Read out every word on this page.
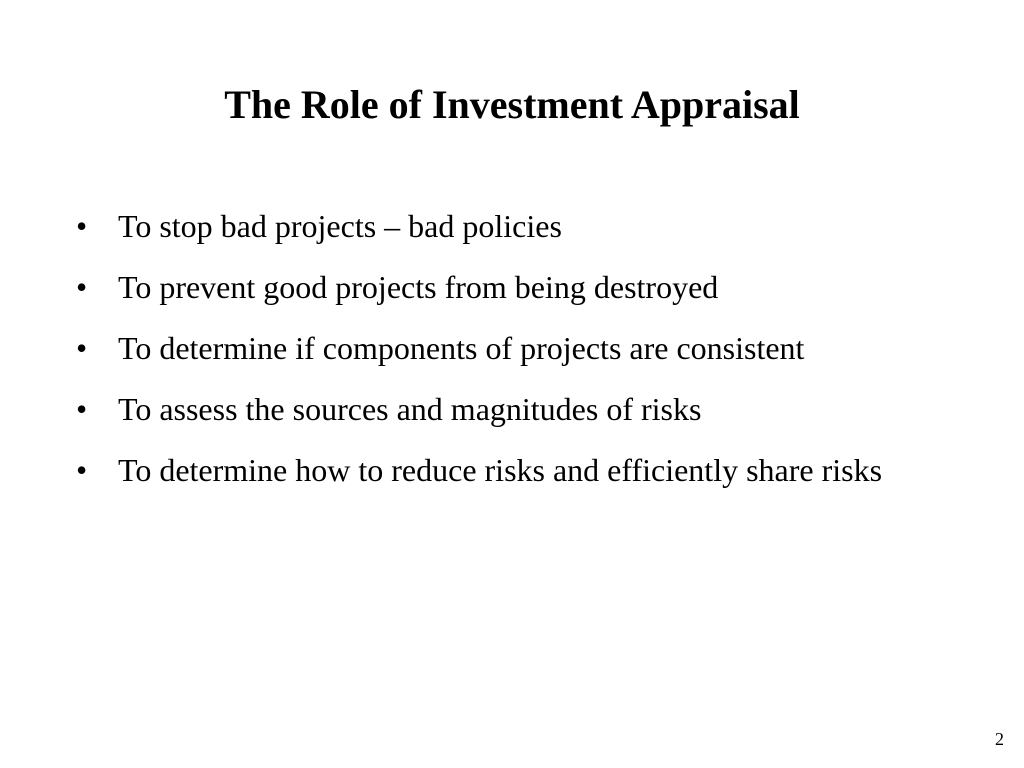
The Role of Investment Appraisal
• To stop bad projects – bad policies
• To prevent good projects from being destroyed
• To determine if components of projects are consistent
• To assess the sources and magnitudes of risks
• To determine how to reduce risks and efficiently share risks
2
